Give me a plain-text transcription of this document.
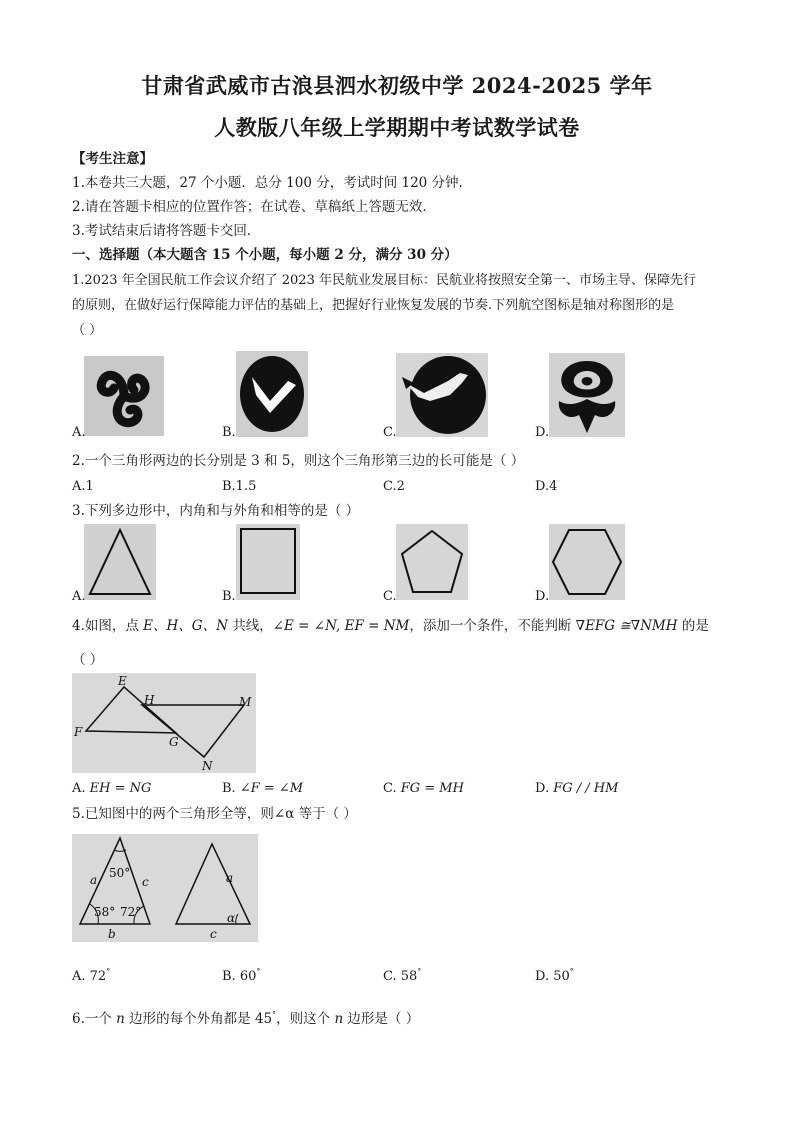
甘肃省武威市古浪县泗水初级中学 2024-2025 学年
人教版八年级上学期期中考试数学试卷
【考生注意】
1.本卷共三大题，27 个小题．总分 100 分，考试时间 120 分钟．
2.请在答题卡相应的位置作答；在试卷、草稿纸上答题无效．
3.考试结束后请将答题卡交回．
一、选择题（本大题含 15 个小题，每小题 2 分，满分 30 分）
1.2023 年全国民航工作会议介绍了 2023 年民航业发展目标：民航业将按照安全第一、市场主导、保障先行
的原则，在做好运行保障能力评估的基础上，把握好行业恢复发展的节奏.下列航空图标是轴对称图形的是
（ ）
A.	B.	C.	D.
2.一个三角形两边的长分别是 3 和 5，则这个三角形第三边的长可能是（ ）
A.1	B.1.5	C.2	D.4
3.下列多边形中，内角和与外角和相等的是（ ）
A.	B.	C.	D.
4.如图，点 E、H、G、N 共线，∠E = ∠N, EF = NM，添加一个条件，不能判断 ∇EFG ≅∇NMH 的是
（ ）
E
H	M
F
G
N
A. EH = NG	B. ∠F = ∠M	C. FG = MH	D. FG / / HM
5.已知图中的两个三角形全等，则∠α 等于（ ）
50°
58° 72°
a
b
c	a
c
α
A. 72°	B. 60°	C. 58°	D. 50°
6.一个 n 边形的每个外角都是 45°，则这个 n 边形是（ ）
